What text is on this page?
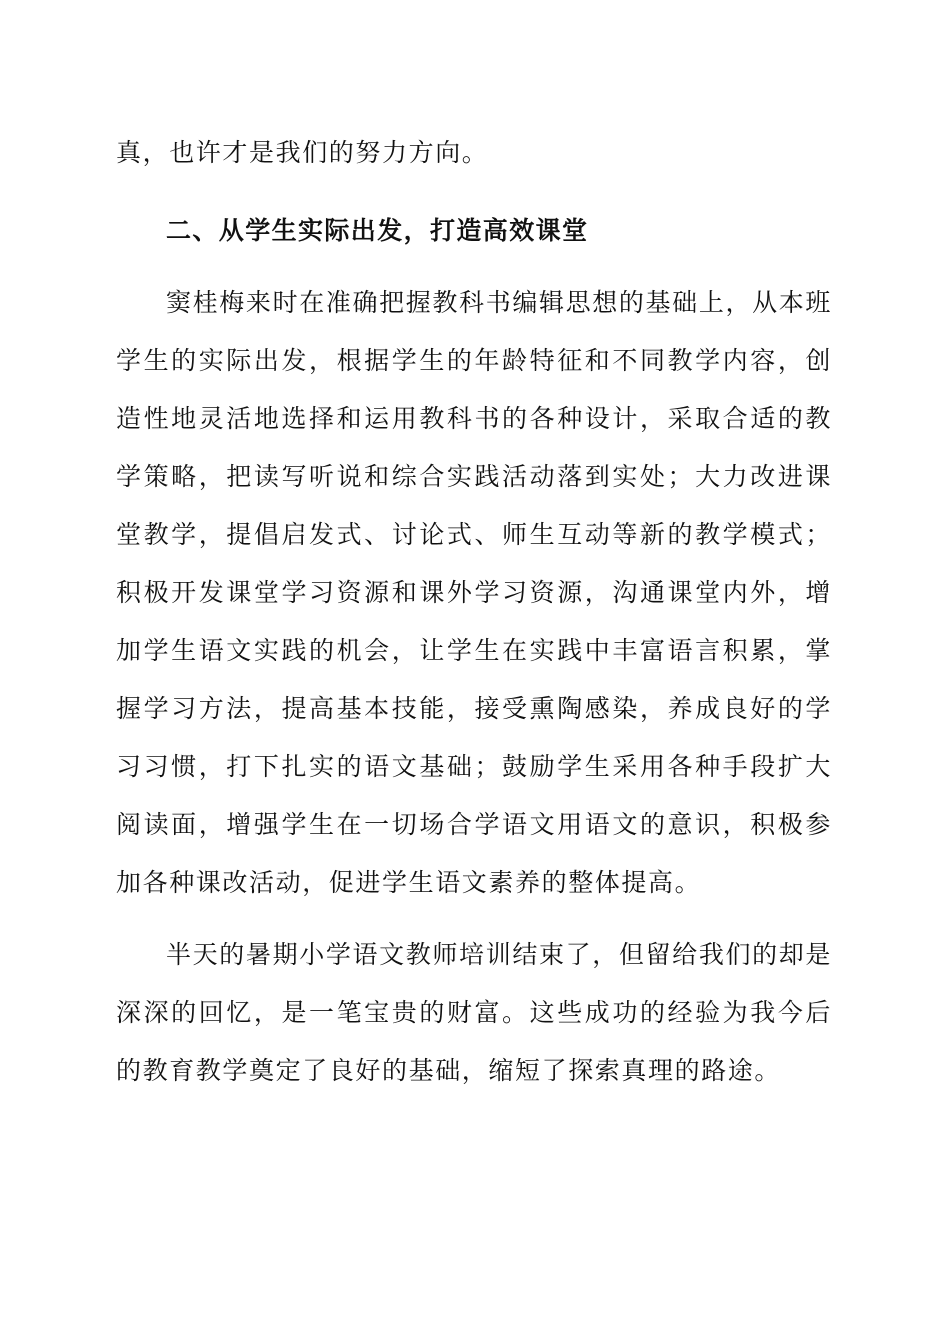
真，也许才是我们的努力方向。

二、从学生实际出发，打造高效课堂

窦桂梅来时在准确把握教科书编辑思想的基础上，从本班学生的实际出发，根据学生的年龄特征和不同教学内容，创造性地灵活地选择和运用教科书的各种设计，采取合适的教学策略，把读写听说和综合实践活动落到实处；大力改进课堂教学，提倡启发式、讨论式、师生互动等新的教学模式；积极开发课堂学习资源和课外学习资源，沟通课堂内外，增加学生语文实践的机会，让学生在实践中丰富语言积累，掌握学习方法，提高基本技能，接受熏陶感染，养成良好的学习习惯，打下扎实的语文基础；鼓励学生采用各种手段扩大阅读面，增强学生在一切场合学语文用语文的意识，积极参加各种课改活动，促进学生语文素养的整体提高。

半天的暑期小学语文教师培训结束了，但留给我们的却是深深的回忆，是一笔宝贵的财富。这些成功的经验为我今后的教育教学奠定了良好的基础，缩短了探索真理的路途。
